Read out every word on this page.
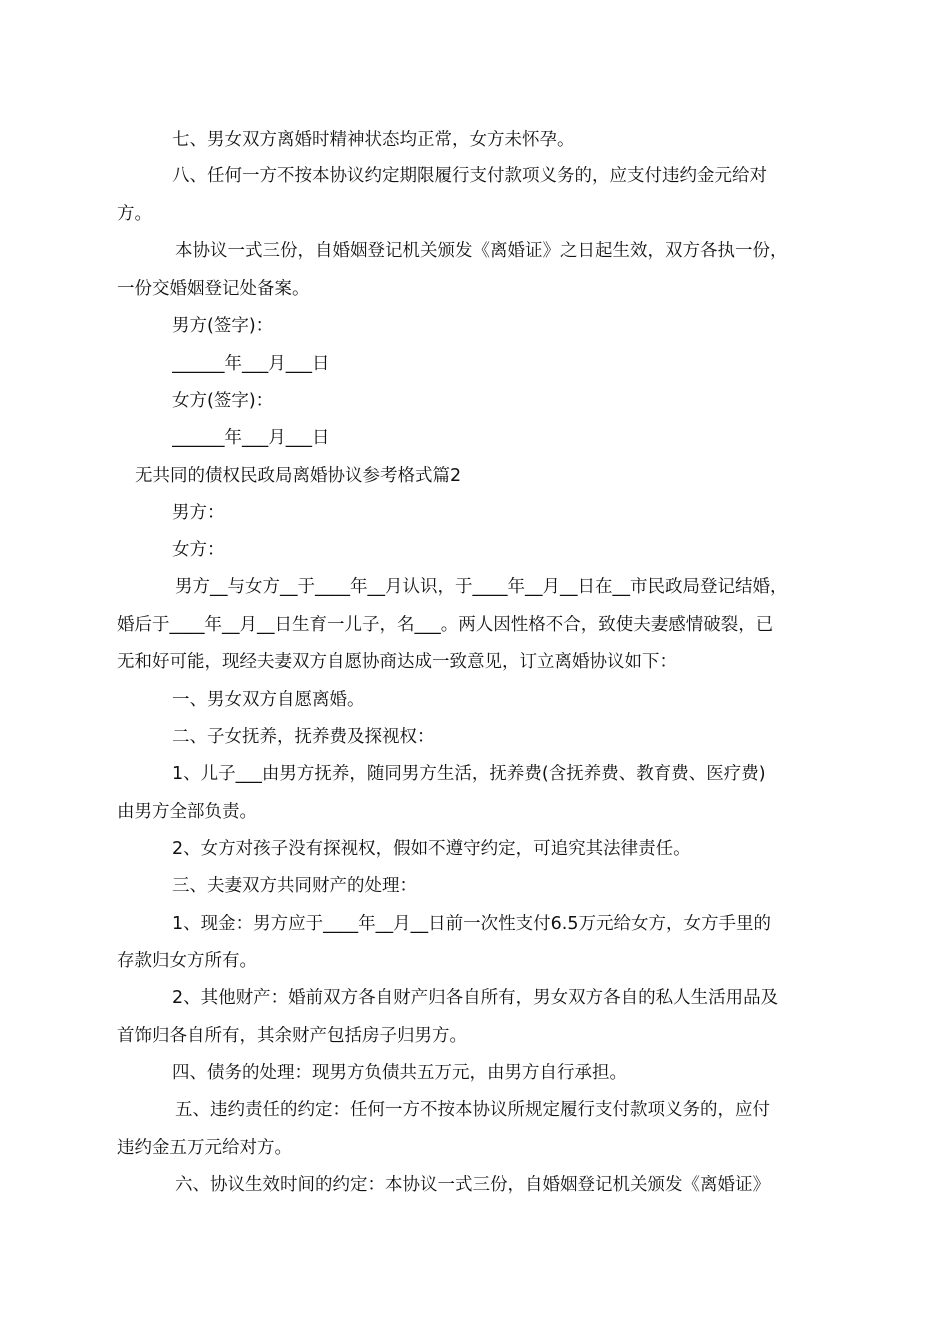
七、男女双方离婚时精神状态均正常，女方未怀孕。
八、任何一方不按本协议约定期限履行支付款项义务的，应支付违约金元给对
方。
本协议一式三份，自婚姻登记机关颁发《离婚证》之日起生效，双方各执一份，
一份交婚姻登记处备案。
男方(签字)：
______年___月___日
女方(签字)：
______年___月___日
无共同的债权民政局离婚协议参考格式篇2
男方：
女方：
男方__与女方__于____年__月认识，于____年__月__日在__市民政局登记结婚，
婚后于____年__月__日生育一儿子，名___。两人因性格不合，致使夫妻感情破裂，已
无和好可能，现经夫妻双方自愿协商达成一致意见，订立离婚协议如下：
一、男女双方自愿离婚。
二、子女抚养，抚养费及探视权：
1、儿子___由男方抚养，随同男方生活，抚养费(含抚养费、教育费、医疗费)
由男方全部负责。
2、女方对孩子没有探视权，假如不遵守约定，可追究其法律责任。
三、夫妻双方共同财产的处理：
1、现金：男方应于____年__月__日前一次性支付6.5万元给女方，女方手里的
存款归女方所有。
2、其他财产：婚前双方各自财产归各自所有，男女双方各自的私人生活用品及
首饰归各自所有，其余财产包括房子归男方。
四、债务的处理：现男方负债共五万元，由男方自行承担。
五、违约责任的约定：任何一方不按本协议所规定履行支付款项义务的，应付
违约金五万元给对方。
六、协议生效时间的约定：本协议一式三份，自婚姻登记机关颁发《离婚证》
